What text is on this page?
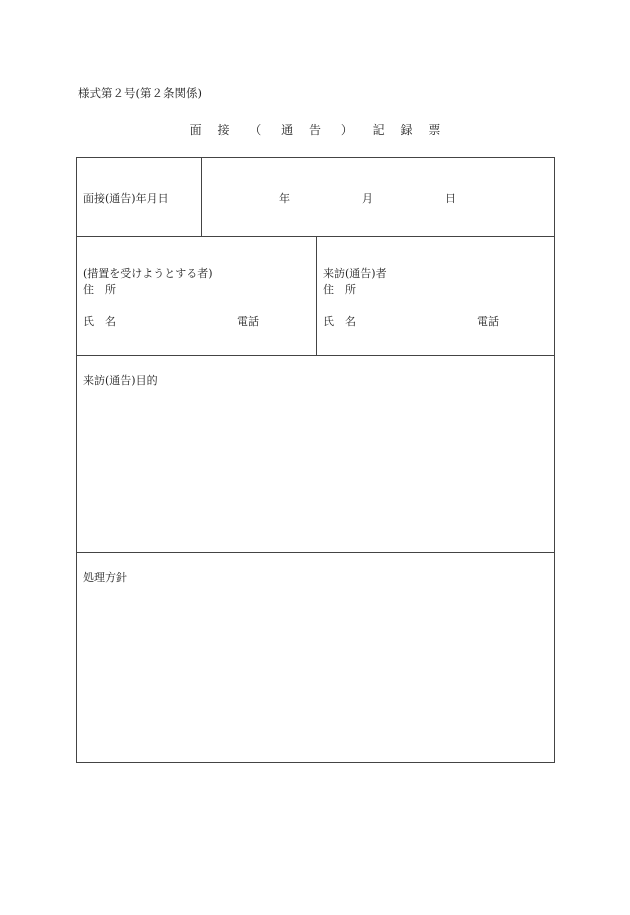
様式第２号(第２条関係)
面 接 （ 通 告 ） 記 録 票
面接(通告)年月日	年	月	日
(措置を受けようとする者)
住　所
氏　名	電話
来訪(通告)者
住　所
氏　名	電話
来訪(通告)目的
処理方針
